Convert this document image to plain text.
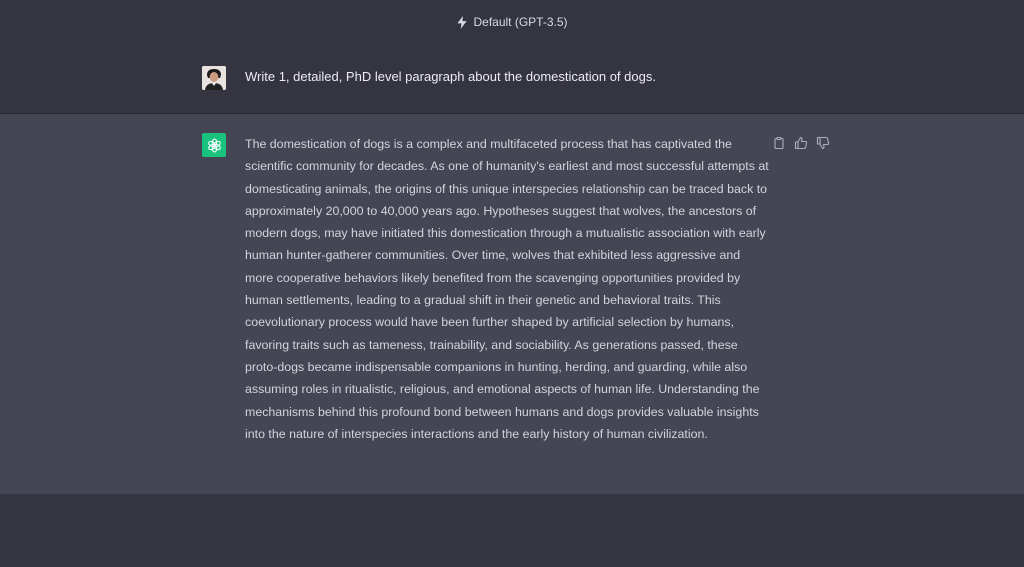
Default (GPT-3.5)
Write 1, detailed, PhD level paragraph about the domestication of dogs.
The domestication of dogs is a complex and multifaceted process that has captivated the scientific community for decades. As one of humanity's earliest and most successful attempts at domesticating animals, the origins of this unique interspecies relationship can be traced back to approximately 20,000 to 40,000 years ago. Hypotheses suggest that wolves, the ancestors of modern dogs, may have initiated this domestication through a mutualistic association with early human hunter-gatherer communities. Over time, wolves that exhibited less aggressive and more cooperative behaviors likely benefited from the scavenging opportunities provided by human settlements, leading to a gradual shift in their genetic and behavioral traits. This coevolutionary process would have been further shaped by artificial selection by humans, favoring traits such as tameness, trainability, and sociability. As generations passed, these proto-dogs became indispensable companions in hunting, herding, and guarding, while also assuming roles in ritualistic, religious, and emotional aspects of human life. Understanding the mechanisms behind this profound bond between humans and dogs provides valuable insights into the nature of interspecies interactions and the early history of human civilization.
